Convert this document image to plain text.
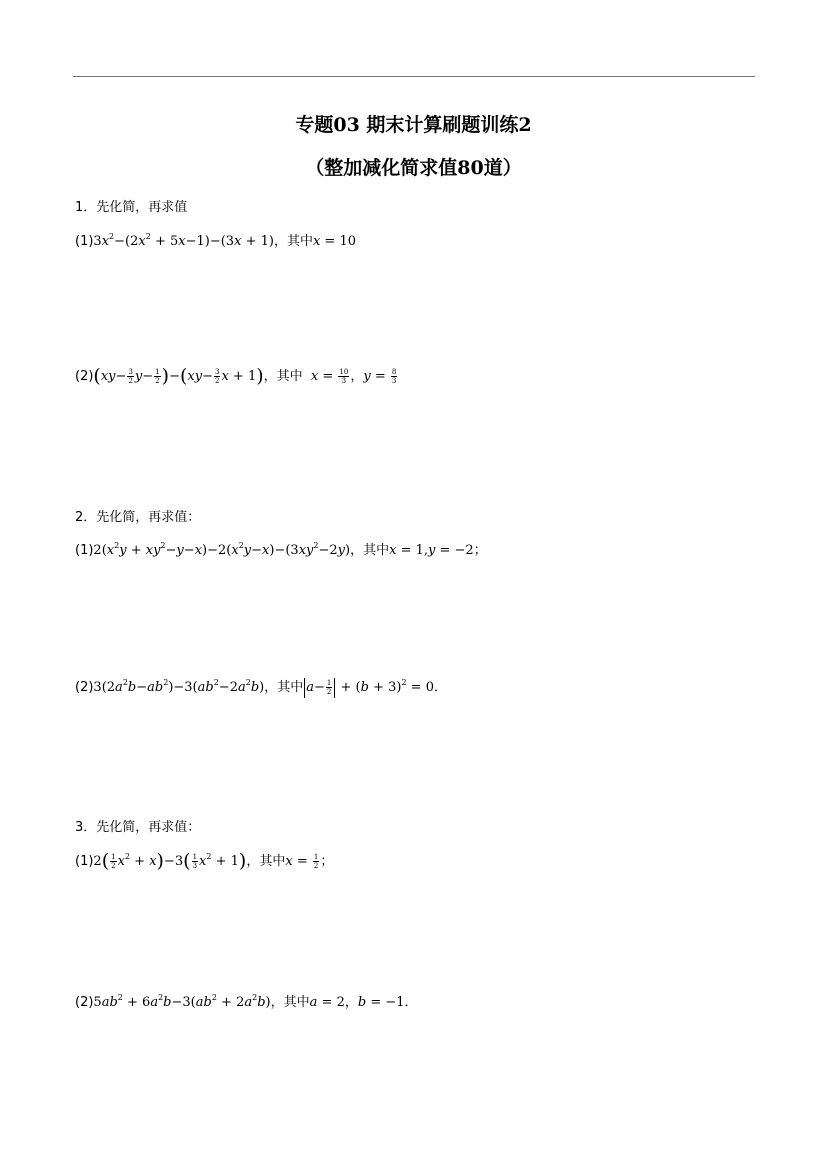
专题03 期末计算刷题训练2
（整加减化简求值80道）
1．先化简，再求值
$(1)3x^2-(2x^2 + 5x-1)-(3x + 1)$，其中x = 10
$(2)(xy- \frac{3}{2} y- \frac{1}{2} )-(xy- \frac{3}{2}$ x + 1)，其中  $x = \frac{10}{3}$ ，$y = \frac{8}{3}$
2．先化简，再求值：
$(1)2(x^2y + xy^2-y-x)-2(x^2y-x)-(3xy^2-2y)$，其中x = 1,y = −2；
$(2)3(2a^2b-ab^2)-3(ab^2-2a^2b)$，其中 $a- \frac{1}{2} + (b + 3)^2 = 0$．
3．先化简，再求值：
$(1)2( \frac{1}{2} x^2 + x)-3( \frac{1}{3} x^2 + 1)$，其中$x = \frac{1}{2}$ ；
$(2)5ab^2 + 6a^2b-3(ab^2 + 2a^2b)$，其中a = 2，b = −1．
